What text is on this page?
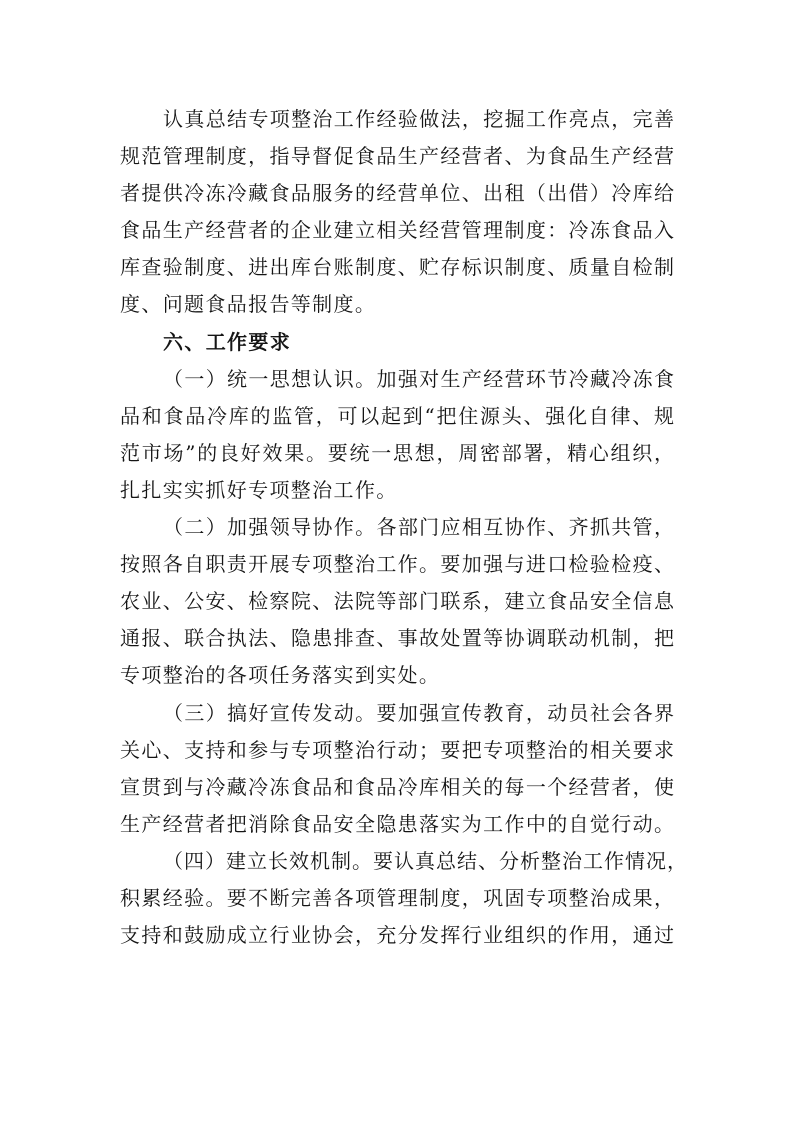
认真总结专项整治工作经验做法，挖掘工作亮点，完善
规范管理制度，指导督促食品生产经营者、为食品生产经营
者提供冷冻冷藏食品服务的经营单位、出租（出借）冷库给
食品生产经营者的企业建立相关经营管理制度：冷冻食品入
库查验制度、进出库台账制度、贮存标识制度、质量自检制
度、问题食品报告等制度。
六、工作要求
（一）统一思想认识。加强对生产经营环节冷藏冷冻食
品和食品冷库的监管，可以起到“把住源头、强化自律、规
范市场”的良好效果。要统一思想，周密部署，精心组织，
扎扎实实抓好专项整治工作。
（二）加强领导协作。各部门应相互协作、齐抓共管，
按照各自职责开展专项整治工作。要加强与进口检验检疫、
农业、公安、检察院、法院等部门联系，建立食品安全信息
通报、联合执法、隐患排查、事故处置等协调联动机制，把
专项整治的各项任务落实到实处。
（三）搞好宣传发动。要加强宣传教育，动员社会各界
关心、支持和参与专项整治行动；要把专项整治的相关要求
宣贯到与冷藏冷冻食品和食品冷库相关的每一个经营者，使
生产经营者把消除食品安全隐患落实为工作中的自觉行动。
（四）建立长效机制。要认真总结、分析整治工作情况，
积累经验。要不断完善各项管理制度，巩固专项整治成果，
支持和鼓励成立行业协会，充分发挥行业组织的作用，通过
